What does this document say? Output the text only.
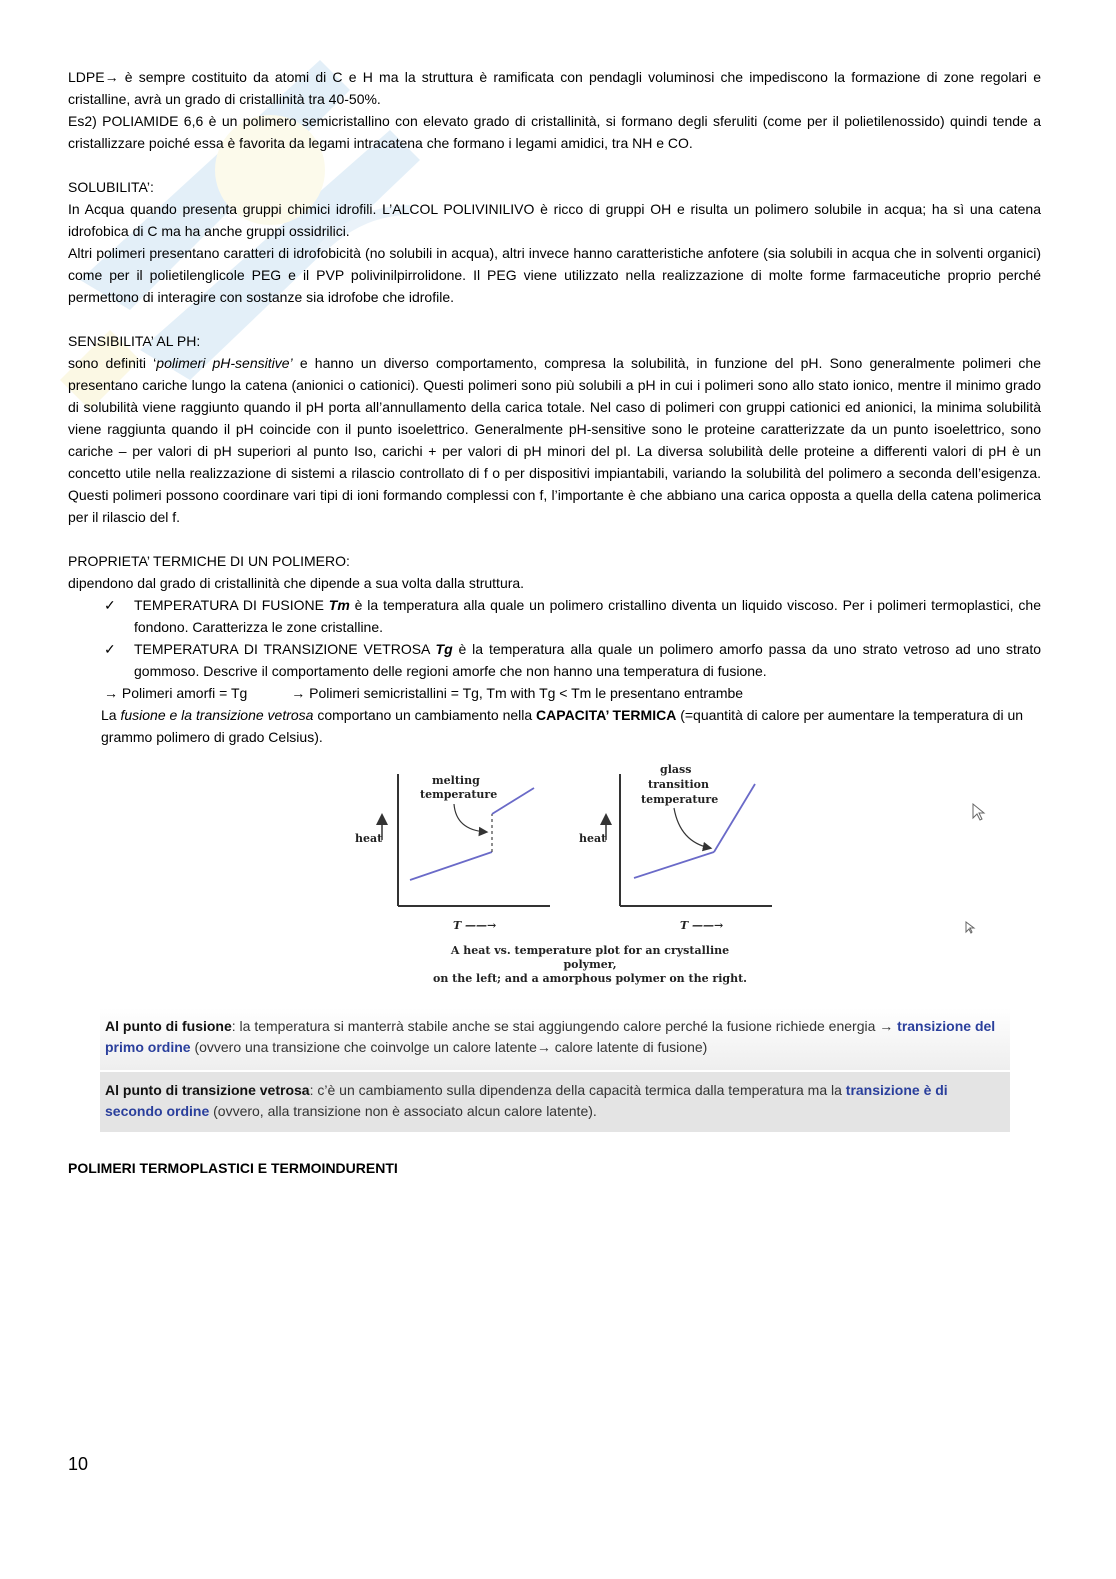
LDPE→ è sempre costituito da atomi di C e H ma la struttura è ramificata con pendagli voluminosi che impediscono la formazione di zone regolari e cristalline, avrà un grado di cristallinità tra 40-50%.

Es2) POLIAMIDE 6,6 è un polimero semicristallino con elevato grado di cristallinità, si formano degli sferuliti (come per il polietilenossido) quindi tende a cristallizzare poiché essa è favorita da legami intracatena che formano i legami amidici, tra NH e CO.

SOLUBILITA’:

In Acqua quando presenta gruppi chimici idrofili. L’ALCOL POLIVINILIVO è ricco di gruppi OH e risulta un polimero solubile in acqua; ha sì una catena idrofobica di C ma ha anche gruppi ossidrilici.

Altri polimeri presentano caratteri di idrofobicità (no solubili in acqua), altri invece hanno caratteristiche anfotere (sia solubili in acqua che in solventi organici) come per il polietilenglicole PEG e il PVP polivinilpirrolidone. Il PEG viene utilizzato nella realizzazione di molte forme farmaceutiche proprio perché permettono di interagire con sostanze sia idrofobe che idrofile.

SENSIBILITA’ AL PH:

sono definiti ‘polimeri pH-sensitive’ e hanno un diverso comportamento, compresa la solubilità, in funzione del pH. Sono generalmente polimeri che presentano cariche lungo la catena (anionici o cationici). Questi polimeri sono più solubili a pH in cui i polimeri sono allo stato ionico, mentre il minimo grado di solubilità viene raggiunto quando il pH porta all’annullamento della carica totale. Nel caso di polimeri con gruppi cationici ed anionici, la minima solubilità viene raggiunta quando il pH coincide con il punto isoelettrico. Generalmente pH-sensitive sono le proteine caratterizzate da un punto isoelettrico, sono cariche – per valori di pH superiori al punto Iso, carichi + per valori di pH minori del pI. La diversa solubilità delle proteine a differenti valori di pH è un concetto utile nella realizzazione di sistemi a rilascio controllato di f o per dispositivi impiantabili, variando la solubilità del polimero a seconda dell’esigenza. Questi polimeri possono coordinare vari tipi di ioni formando complessi con f, l’importante è che abbiano una carica opposta a quella della catena polimerica per il rilascio del f.

PROPRIETA’ TERMICHE DI UN POLIMERO:

dipendono dal grado di cristallinità che dipende a sua volta dalla struttura.

✓ TEMPERATURA DI FUSIONE Tm è la temperatura alla quale un polimero cristallino diventa un liquido viscoso. Per i polimeri termoplastici, che fondono. Caratterizza le zone cristalline.

✓ TEMPERATURA DI TRANSIZIONE VETROSA Tg è la temperatura alla quale un polimero amorfo passa da uno strato vetroso ad uno strato gommoso. Descrive il comportamento delle regioni amorfe che non hanno una temperatura di fusione.

→ Polimeri amorfi = Tg	→ Polimeri semicristallini = Tg, Tm with Tg < Tm le presentano entrambe

La fusione e la transizione vetrosa comportano un cambiamento nella CAPACITA’ TERMICA (=quantità di calore per aumentare la temperatura di un grammo polimero di grado Celsius).

heat
T ——→
melting
temperature
heat
T ——→
glass
transition
temperature
A heat vs. temperature plot for an crystalline polymer,
on the left; and a amorphous polymer on the right.
Al punto di fusione: la temperatura si manterrà stabile anche se stai aggiungendo calore perché la fusione richiede energia → transizione del primo ordine (ovvero una transizione che coinvolge un calore latente→ calore latente di fusione)
Al punto di transizione vetrosa: c’è un cambiamento sulla dipendenza della capacità termica dalla temperatura ma la transizione è di secondo ordine (ovvero, alla transizione non è associato alcun calore latente).

POLIMERI TERMOPLASTICI E TERMOINDURENTI

10
